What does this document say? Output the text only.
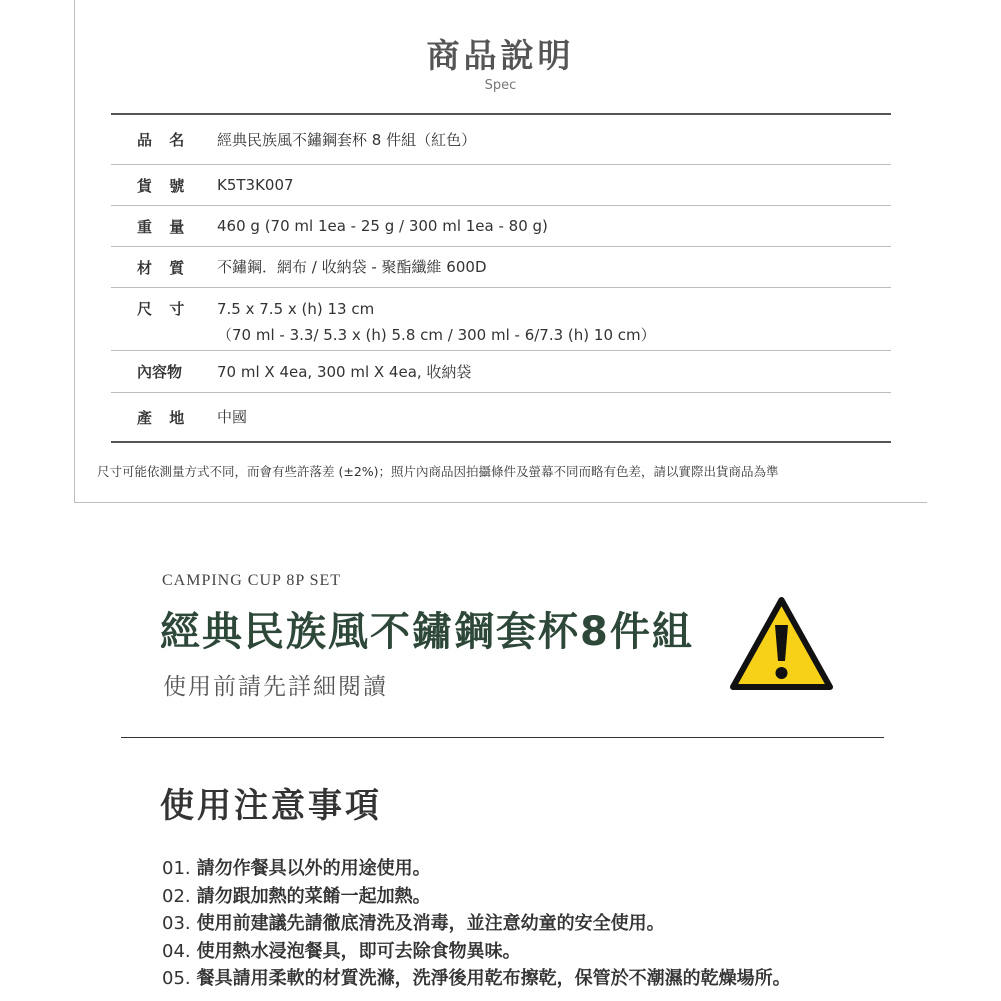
商品說明
Spec
品 名	經典民族風不鏽鋼套杯 8 件組（紅色）
貨 號	K5T3K007
重 量	460 g (70 ml 1ea - 25 g / 300 ml 1ea - 80 g)
材 質	不鏽鋼．網布 / 收納袋 - 聚酯纖維 600D
尺 寸	7.5 x 7.5 x (h) 13 cm
（70 ml - 3.3/ 5.3 x (h) 5.8 cm / 300 ml - 6/7.3 (h) 10 cm）
內容物	70 ml X 4ea, 300 ml X 4ea, 收納袋
產 地	中國
尺寸可能依測量方式不同，而會有些許落差 (±2%)；照片內商品因拍攝條件及螢幕不同而略有色差，請以實際出貨商品為準
CAMPING CUP 8P SET
經典民族風不鏽鋼套杯8件組
使用前請先詳細閱讀
使用注意事項
01. 請勿作餐具以外的用途使用。
02. 請勿跟加熱的菜餚一起加熱。
03. 使用前建議先請徹底清洗及消毒，並注意幼童的安全使用。
04. 使用熱水浸泡餐具，即可去除食物異味。
05. 餐具請用柔軟的材質洗滌，洗淨後用乾布擦乾，保管於不潮濕的乾燥場所。
